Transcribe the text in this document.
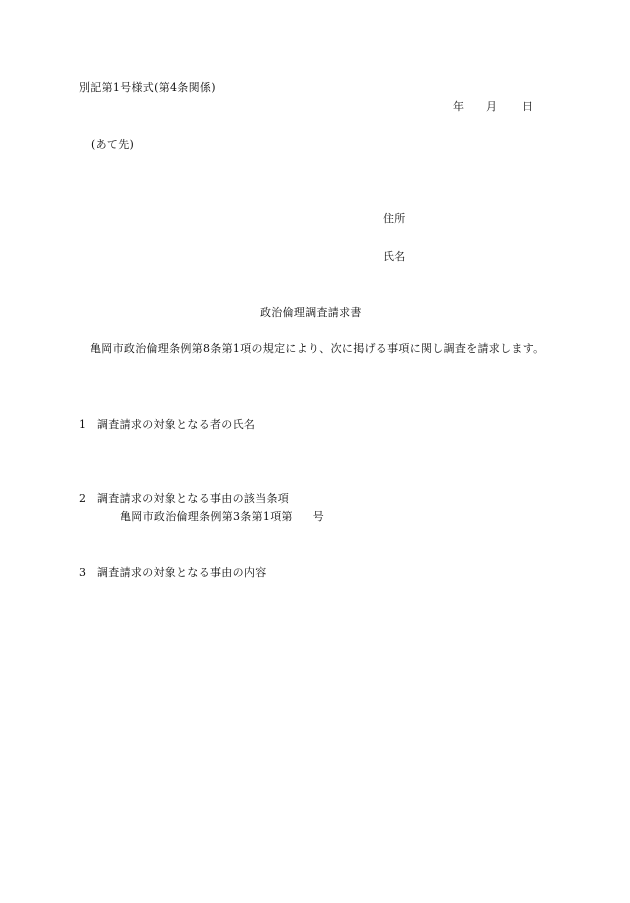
別記第1号様式(第4条関係)
年 月 日
(あて先)
住所
氏名
政治倫理調査請求書
亀岡市政治倫理条例第8条第1項の規定により、次に掲げる事項に関し調査を請求します。
1 調査請求の対象となる者の氏名
2 調査請求の対象となる事由の該当条項
亀岡市政治倫理条例第3条第1項第 号
3 調査請求の対象となる事由の内容
